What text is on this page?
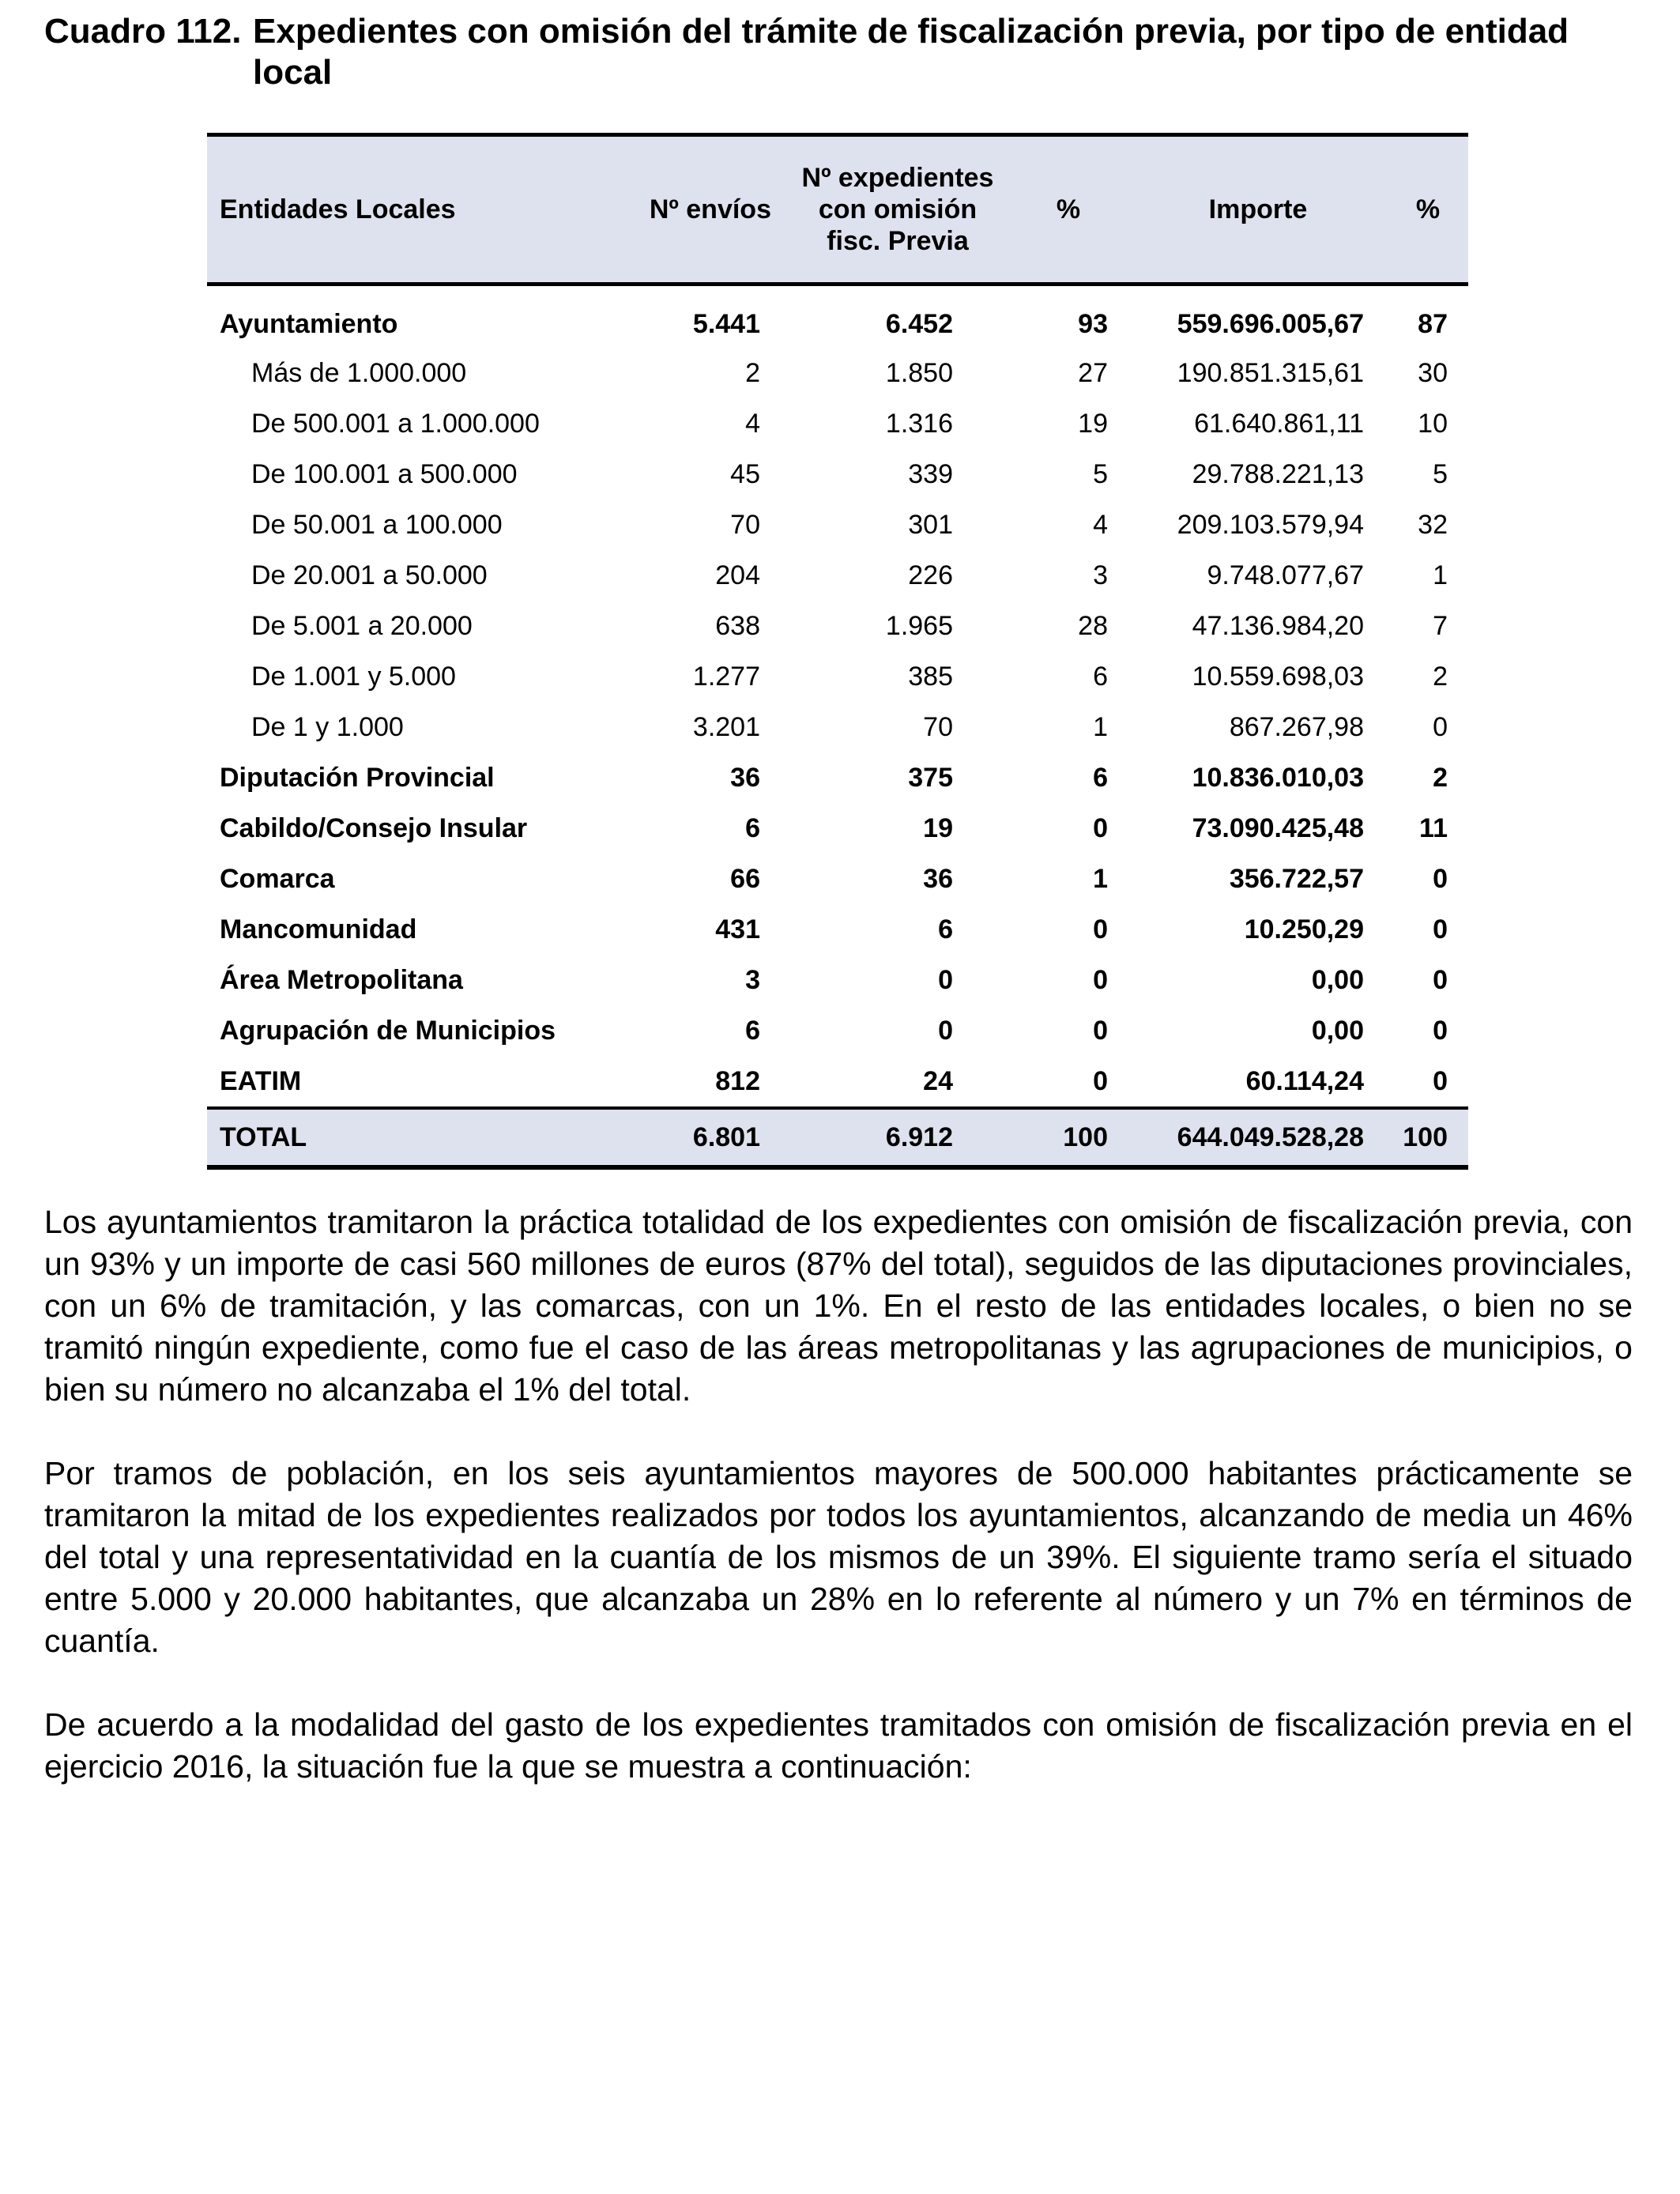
Cuadro 112. Expedientes con omisión del trámite de fiscalización previa, por tipo de entidad local
Entidades Locales	Nº envíos	Nº expedientes
con omisión
fisc. Previa	%	Importe	%
Ayuntamiento	5.441	6.452	93	559.696.005,67	87
Más de 1.000.000	2	1.850	27	190.851.315,61	30
De 500.001 a 1.000.000	4	1.316	19	61.640.861,11	10
De 100.001 a 500.000	45	339	5	29.788.221,13	5
De 50.001 a 100.000	70	301	4	209.103.579,94	32
De 20.001 a 50.000	204	226	3	9.748.077,67	1
De 5.001 a 20.000	638	1.965	28	47.136.984,20	7
De 1.001 y 5.000	1.277	385	6	10.559.698,03	2
De 1 y 1.000	3.201	70	1	867.267,98	0
Diputación Provincial	36	375	6	10.836.010,03	2
Cabildo/Consejo Insular	6	19	0	73.090.425,48	11
Comarca	66	36	1	356.722,57	0
Mancomunidad	431	6	0	10.250,29	0
Área Metropolitana	3	0	0	0,00	0
Agrupación de Municipios	6	0	0	0,00	0
EATIM	812	24	0	60.114,24	0
TOTAL	6.801	6.912	100	644.049.528,28	100

Los ayuntamientos tramitaron la práctica totalidad de los expedientes con omisión de fiscalización previa, con un 93% y un importe de casi 560 millones de euros (87% del total), seguidos de las diputaciones provinciales, con un 6% de tramitación, y las comarcas, con un 1%. En el resto de las entidades locales, o bien no se tramitó ningún expediente, como fue el caso de las áreas metropolitanas y las agrupaciones de municipios, o bien su número no alcanzaba el 1% del total.

Por tramos de población, en los seis ayuntamientos mayores de 500.000 habitantes prácticamente se tramitaron la mitad de los expedientes realizados por todos los ayuntamientos, alcanzando de media un 46% del total y una representatividad en la cuantía de los mismos de un 39%. El siguiente tramo sería el situado entre 5.000 y 20.000 habitantes, que alcanzaba un 28% en lo referente al número y un 7% en términos de cuantía.

De acuerdo a la modalidad del gasto de los expedientes tramitados con omisión de fiscalización previa en el ejercicio 2016, la situación fue la que se muestra a continuación:
